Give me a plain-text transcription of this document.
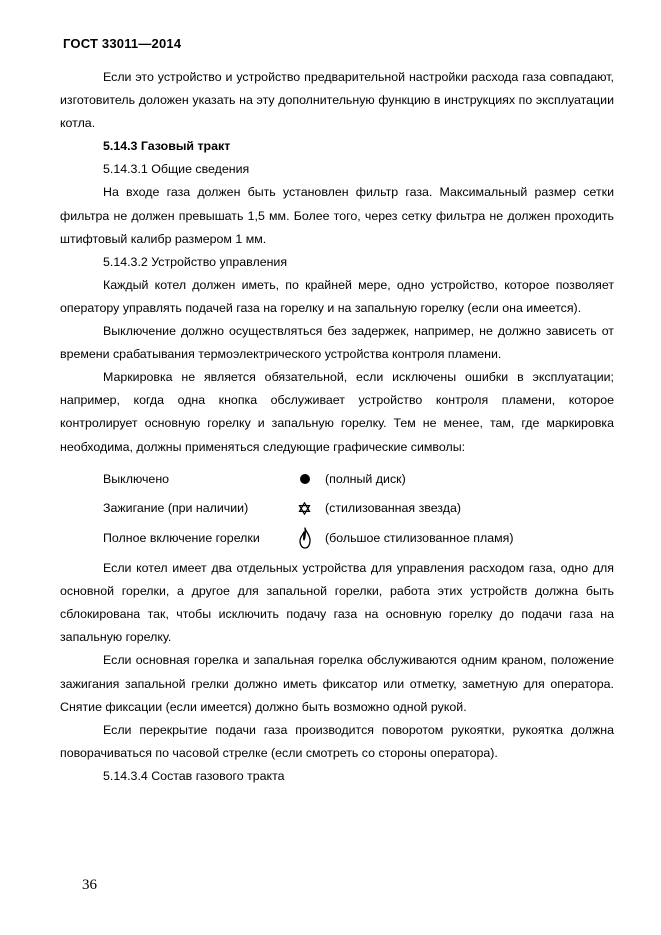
ГОСТ 33011—2014

Если это устройство и устройство предварительной настройки расхода газа совпадают, изготовитель доложен указать на эту дополнительную функцию в инструкциях по эксплуатации котла.

5.14.3 Газовый тракт

5.14.3.1 Общие сведения

На входе газа должен быть установлен фильтр газа. Максимальный размер сетки фильтра не должен превышать 1,5 мм. Более того, через сетку фильтра не должен проходить штифтовый калибр размером 1 мм.

5.14.3.2 Устройство управления

Каждый котел должен иметь, по крайней мере, одно устройство, которое позволяет оператору управлять подачей газа на горелку и на запальную горелку (если она имеется).

Выключение должно осуществляться без задержек, например, не должно зависеть от времени срабатывания термоэлектрического устройства контроля пламени.

Маркировка не является обязательной, если исключены ошибки в эксплуатации; например, когда одна кнопка обслуживает устройство контроля пламени, которое контролирует основную горелку и запальную горелку. Тем не менее, там, где маркировка необходима, должны применяться следующие графические символы:

Выключено	(полный диск)
Зажигание (при наличии)	(стилизованная звезда)
Полное включение горелки	(большое стилизованное пламя)

Если котел имеет два отдельных устройства для управления расходом газа, одно для основной горелки, а другое для запальной горелки, работа этих устройств должна быть сблокирована так, чтобы исключить подачу газа на основную горелку до подачи газа на запальную горелку.

Если основная горелка и запальная горелка обслуживаются одним краном, положение зажигания запальной грелки должно иметь фиксатор или отметку, заметную для оператора. Снятие фиксации (если имеется) должно быть возможно одной рукой.

Если перекрытие подачи газа производится поворотом рукоятки, рукоятка должна поворачиваться по часовой стрелке (если смотреть со стороны оператора).

5.14.3.4 Состав газового тракта

36
